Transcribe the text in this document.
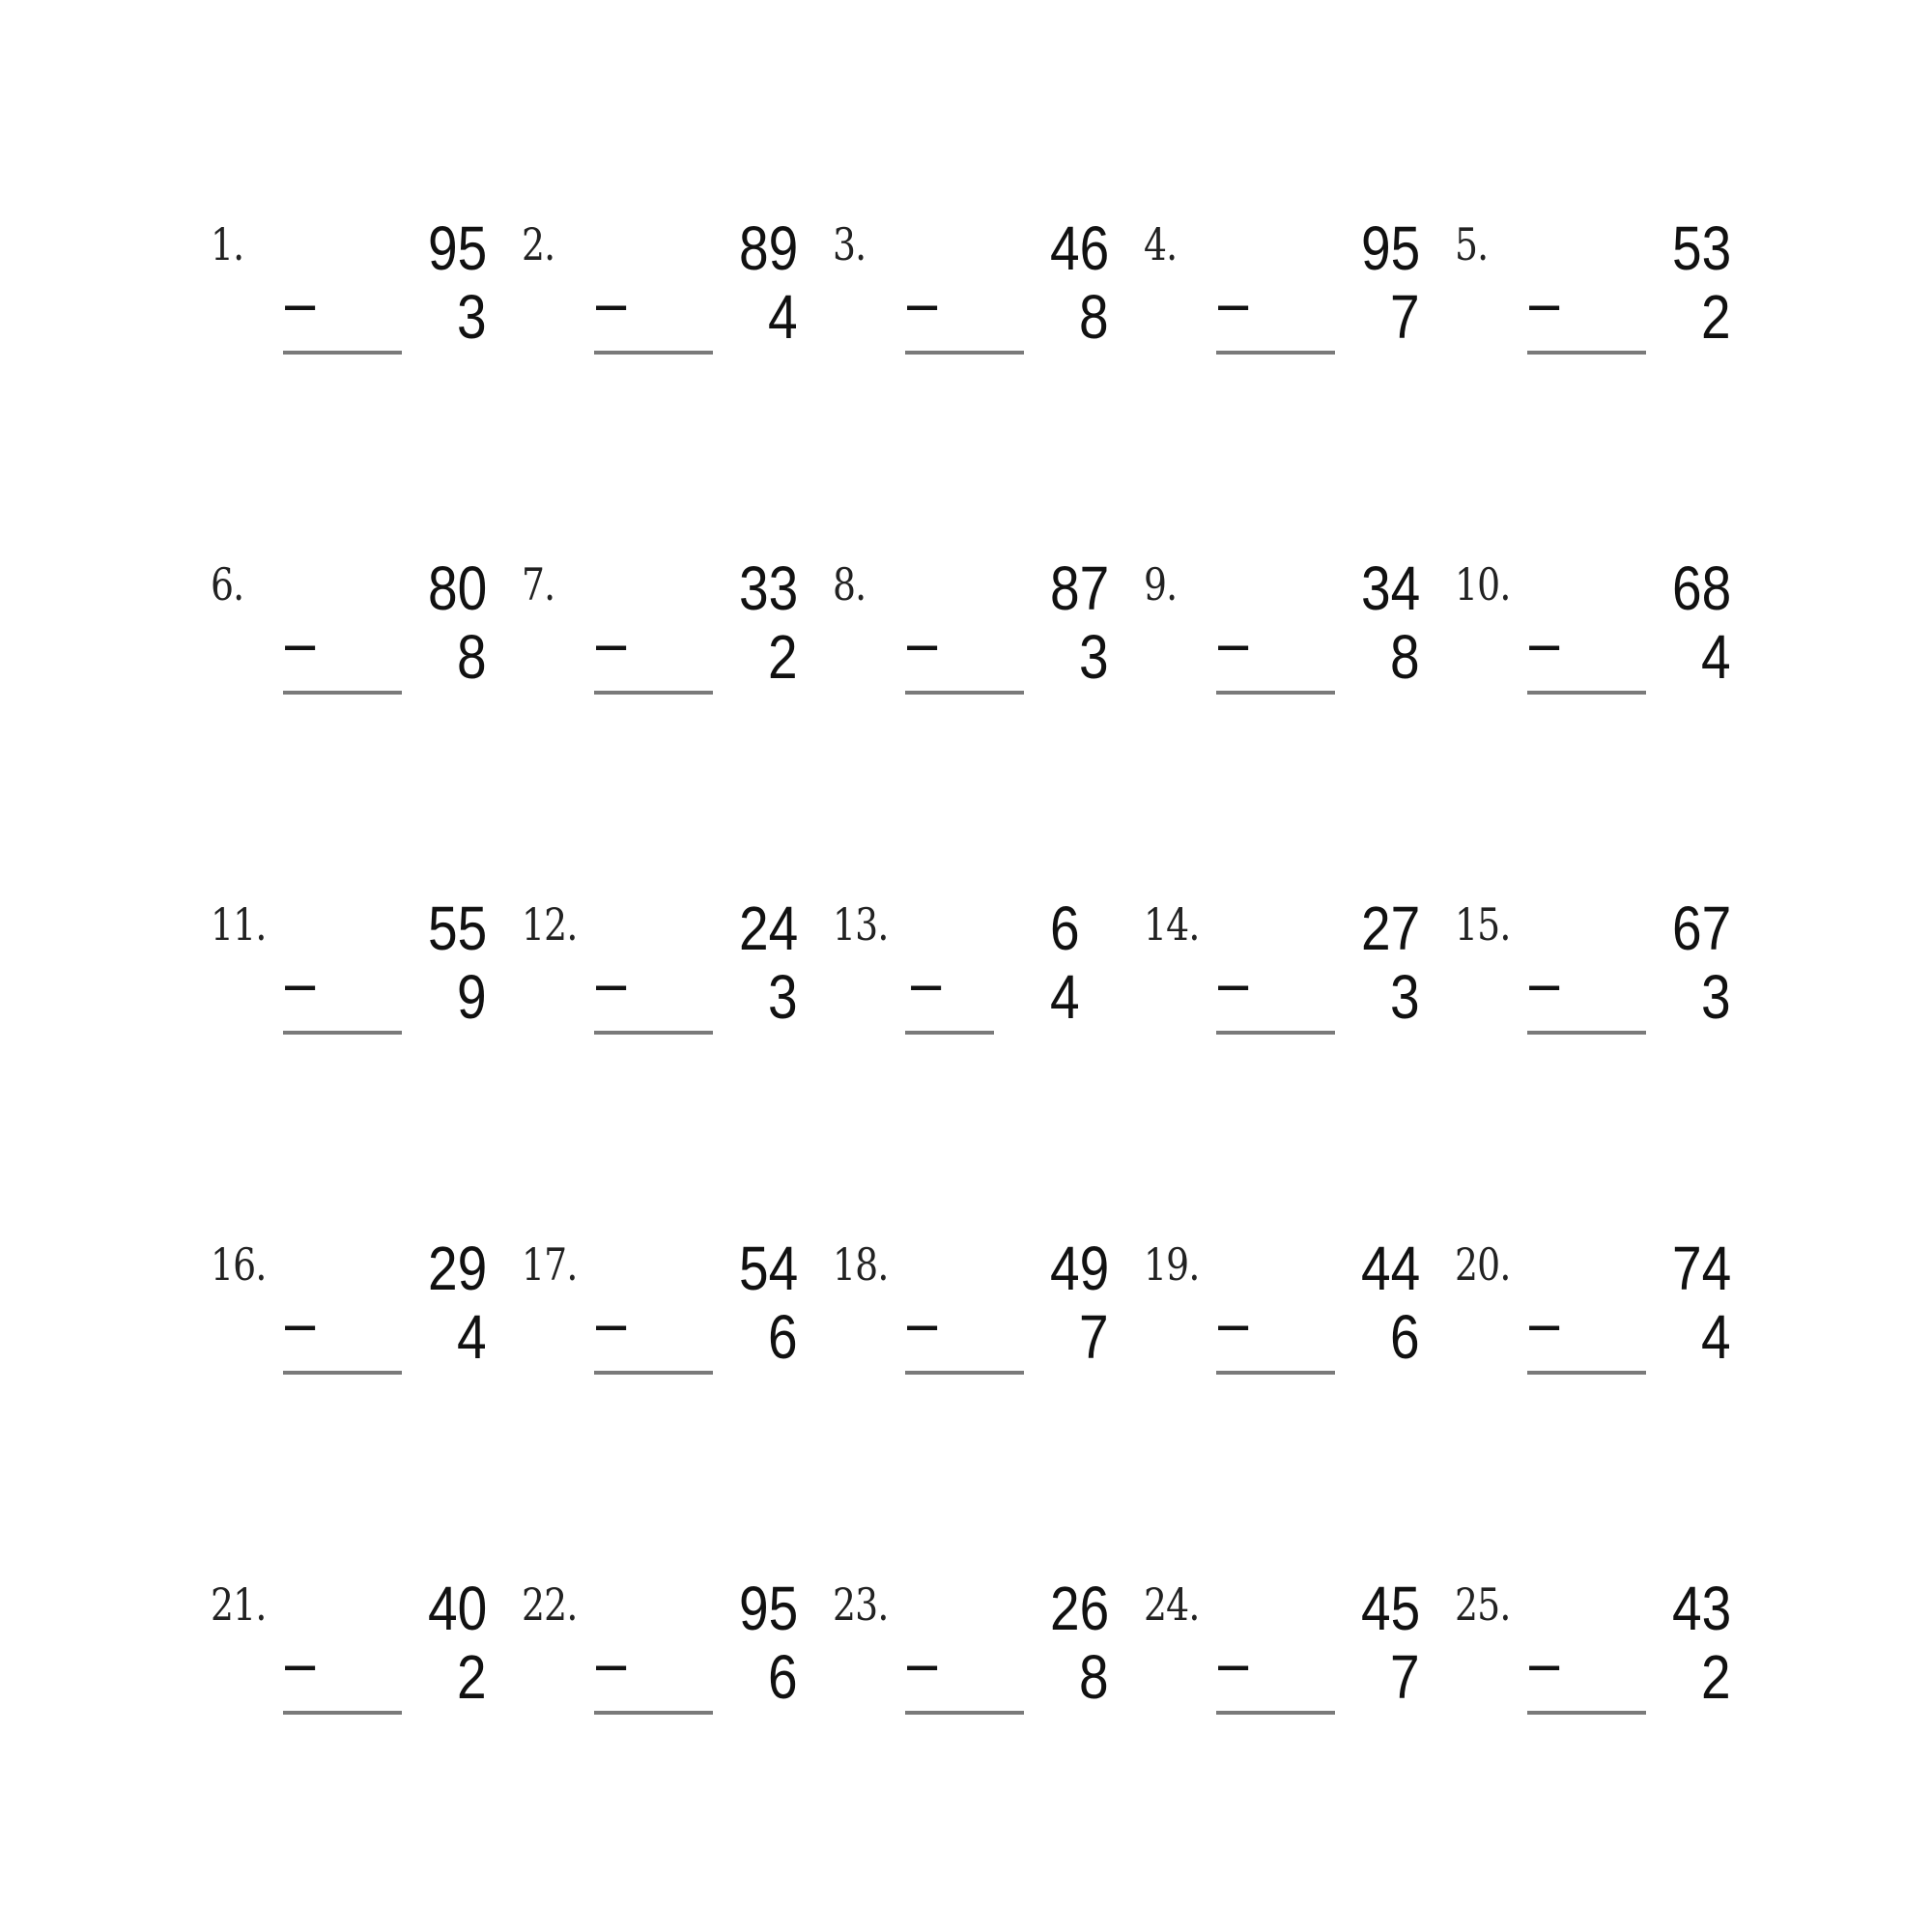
1.	95
− 3
2.	89
− 4
3.	46
− 8
4.	95
− 7
5.	53
− 2
6.	80
− 8
7.	33
− 2
8.	87
− 3
9.	34
− 8
10.	68
− 4
11.	55
− 9
12.	24
− 3
13.	6
− 4
14.	27
− 3
15.	67
− 3
16.	29
− 4
17.	54
− 6
18.	49
− 7
19.	44
− 6
20.	74
− 4
21.	40
− 2
22.	95
− 6
23.	26
− 8
24.	45
− 7
25.	43
− 2
